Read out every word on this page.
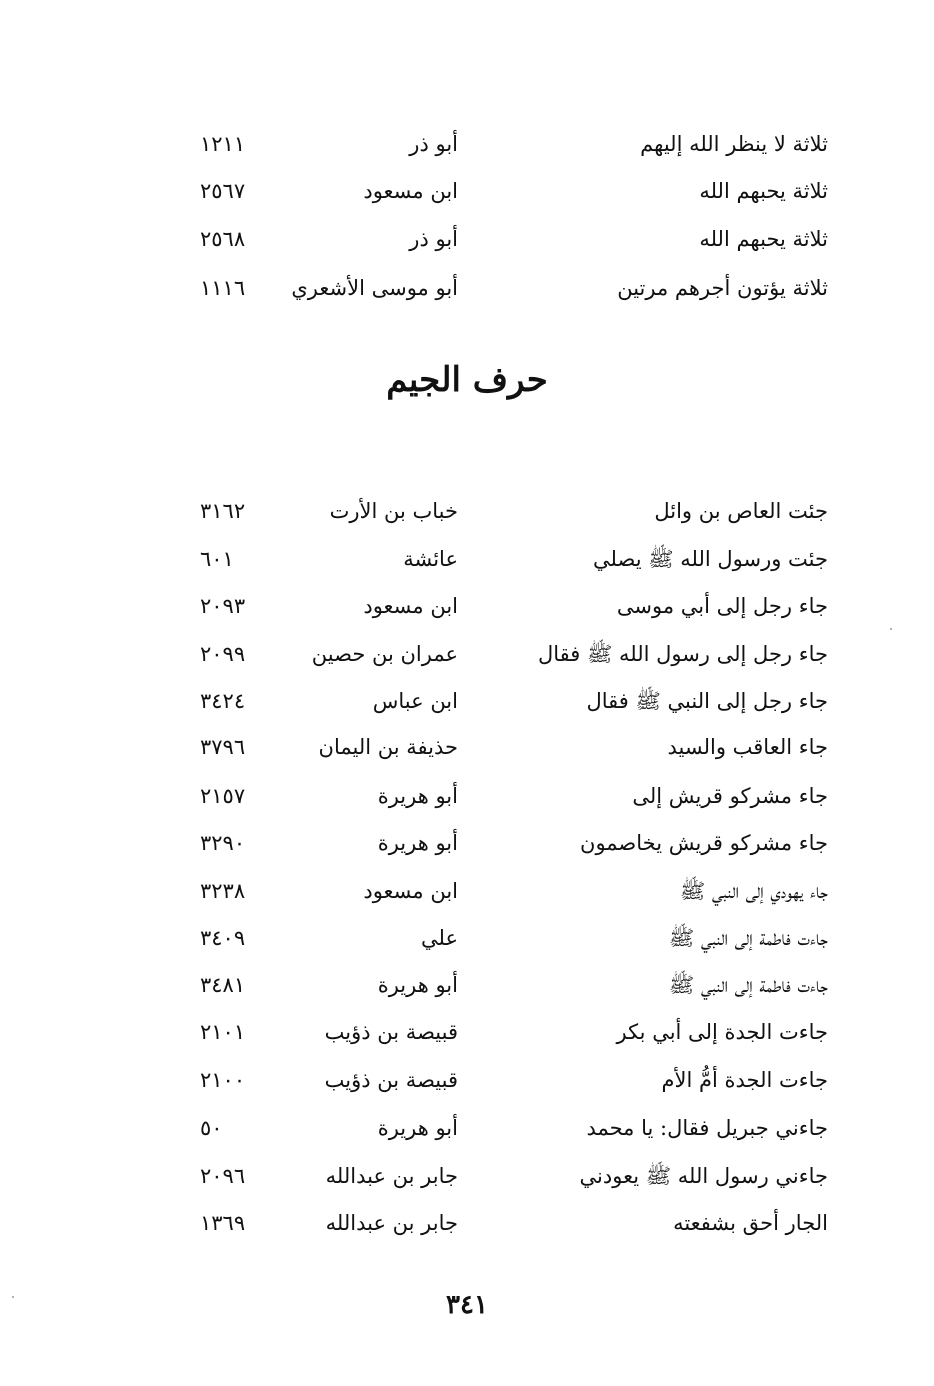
ثلاثة لا ينظر الله إليهم
أبو ذر
١٢١١
ثلاثة يحبهم الله
ابن مسعود
٢٥٦٧
ثلاثة يحبهم الله
أبو ذر
٢٥٦٨
ثلاثة يؤتون أجرهم مرتين
أبو موسى الأشعري
١١١٦
حرف الجيم
جئت العاص بن وائل
خباب بن الأرت
٣١٦٢
جئت ورسول الله ﷺ يصلي
عائشة
٦٠١
جاء رجل إلى أبي موسى
ابن مسعود
٢٠٩٣
جاء رجل إلى رسول الله ﷺ فقال
عمران بن حصين
٢٠٩٩
جاء رجل إلى النبي ﷺ فقال
ابن عباس
٣٤٢٤
جاء العاقب والسيد
حذيفة بن اليمان
٣٧٩٦
جاء مشركو قريش إلى
أبو هريرة
٢١٥٧
جاء مشركو قريش يخاصمون
أبو هريرة
٣٢٩٠
جاء يهودي إلى النبي ﷺ
ابن مسعود
٣٢٣٨
جاءت فاطمة إلى النبي ﷺ
علي
٣٤٠٩
جاءت فاطمة إلى النبي ﷺ
أبو هريرة
٣٤٨١
جاءت الجدة إلى أبي بكر
قبيصة بن ذؤيب
٢١٠١
جاءت الجدة أمُّ الأم
قبيصة بن ذؤيب
٢١٠٠
جاءني جبريل فقال: يا محمد
أبو هريرة
٥٠
جاءني رسول الله ﷺ يعودني
جابر بن عبدالله
٢٠٩٦
الجار أحق بشفعته
جابر بن عبدالله
١٣٦٩
٣٤١
